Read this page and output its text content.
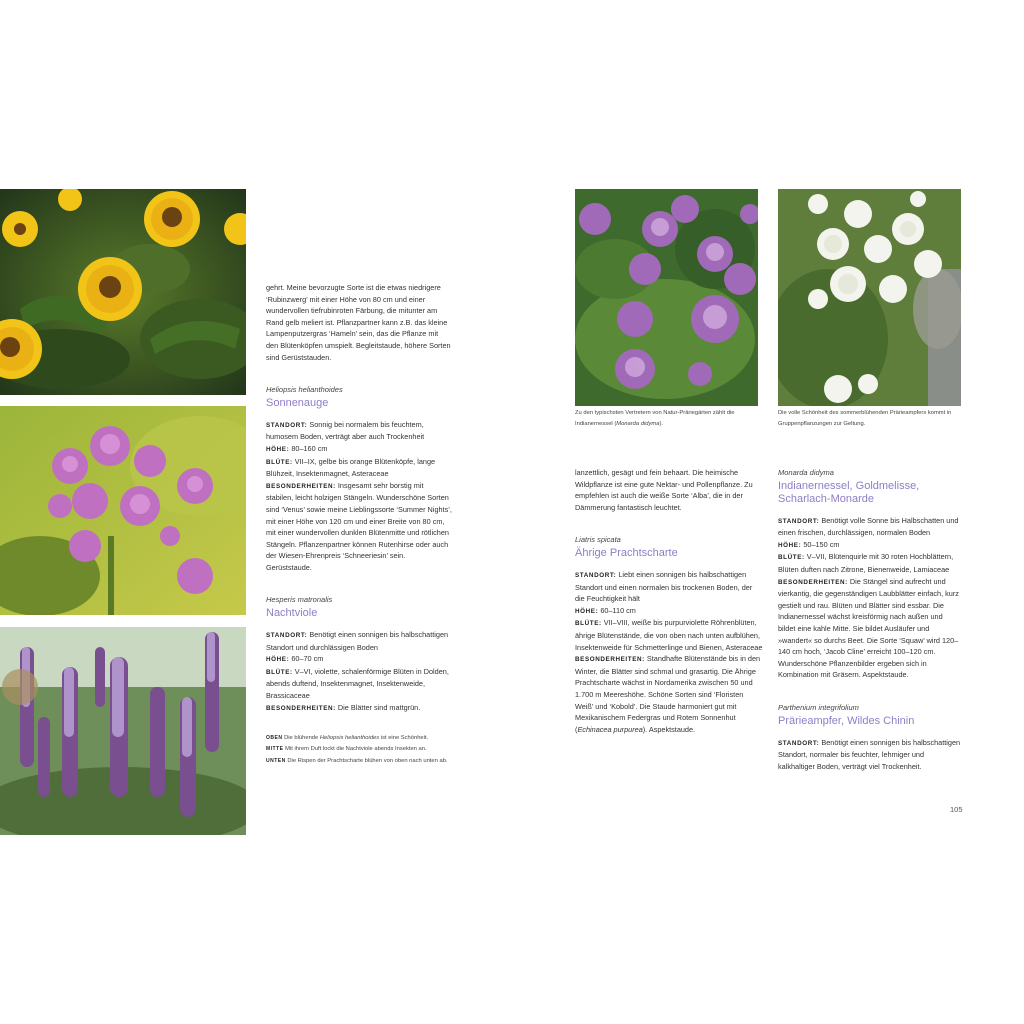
gehrt. Meine bevorzugte Sorte ist die etwas niedrigere ‘Rubinzwerg’ mit einer Höhe von 80 cm und einer wundervollen tiefrubinroten Färbung, die mitunter am Rand gelb meliert ist. Pflanzpartner kann z.B. das kleine Lampenputzergras ‘Hameln’ sein, das die Pflanze mit den Blütenköpfen umspielt. Begleitstaude, höhere Sorten sind Gerüststauden.

Heliopsis helianthoides

Sonnenauge

STANDORT: Sonnig bei normalem bis feuchtem, humosem Boden, verträgt aber auch Trockenheit

HÖHE: 80–160 cm

BLÜTE: VII–IX, gelbe bis orange Blütenköpfe, lange Blühzeit, Insektenmagnet, Asteraceae

BESONDERHEITEN: Insgesamt sehr borstig mit stabilen, leicht holzigen Stängeln. Wunderschöne Sorten sind ‘Venus’ sowie meine Lieblingssorte ‘Summer Nights’, mit einer Höhe von 120 cm und einer Breite von 80 cm, mit einer wundervollen dunklen Blütenmitte und rötlichen Stängeln. Pflanzenpartner können Rutenhirse oder auch der Wiesen-Ehrenpreis ‘Schneeriesin’ sein. Gerüststaude.

Hesperis matronalis

Nachtviole

STANDORT: Benötigt einen sonnigen bis halbschattigen Standort und durchlässigen Boden

HÖHE: 60–70 cm

BLÜTE: V–VI, violette, schalenförmige Blüten in Dolden, abends duftend, Insektenmagnet, Insektenweide, Brassicaceae

BESONDERHEITEN: Die Blätter sind mattgrün.

OBEN Die blühende Heliopsis helianthoides ist eine Schönheit.
MITTE Mit ihrem Duft lockt die Nachtviole abends Insekten an.
UNTEN Die Rispen der Prachtscharte blühen von oben nach unten ab.
Zu den typischsten Vertretern von Natur-Präriegärten zählt die Indianernessel (Monarda didyma).

lanzettlich, gesägt und fein behaart. Die heimische Wildpflanze ist eine gute Nektar- und Pollenpflanze. Zu empfehlen ist auch die weiße Sorte ‘Alba’, die in der Dämmerung fantastisch leuchtet.

Liatris spicata

Ährige Prachtscharte

STANDORT: Liebt einen sonnigen bis halbschattigen Standort und einen normalen bis trockenen Boden, der die Feuchtigkeit hält

HÖHE: 60–110 cm

BLÜTE: VII–VIII, weiße bis purpurviolette Röhrenblüten, ährige Blütenstände, die von oben nach unten aufblühen, Insektenweide für Schmetterlinge und Bienen, Asteraceae

BESONDERHEITEN: Standhafte Blütenstände bis in den Winter, die Blätter sind schmal und grasartig. Die Ährige Prachtscharte wächst in Nordamerika zwischen 50 und 1.700 m Meereshöhe. Schöne Sorten sind ‘Floristen Weiß’ und ‘Kobold’. Die Staude harmoniert gut mit Mexikanischem Federgras und Rotem Sonnenhut (Echinacea purpurea). Aspektstaude.

Die volle Schönheit des sommerblühenden Prärieampfers kommt in Gruppenpflanzungen zur Geltung.

Monarda didyma

Indianernessel, Goldmelisse, Scharlach-Monarde

STANDORT: Benötigt volle Sonne bis Halbschatten und einen frischen, durchlässigen, normalen Boden

HÖHE: 50–150 cm

BLÜTE: V–VII, Blütenquirle mit 30 roten Hochblättern, Blüten duften nach Zitrone, Bienenweide, Lamiaceae

BESONDERHEITEN: Die Stängel sind aufrecht und vierkantig, die gegenständigen Laubblätter einfach, kurz gestielt und rau. Blüten und Blätter sind essbar. Die Indianernessel wächst kreisförmig nach außen und bildet eine kahle Mitte. Sie bildet Ausläufer und »wandert« so durchs Beet. Die Sorte ‘Squaw’ wird 120–140 cm hoch, ‘Jacob Cline’ erreicht 100–120 cm. Wunderschöne Pflanzenbilder ergeben sich in Kombination mit Gräsern. Aspektstaude.

Parthenium integrifolium

Prärieampfer, Wildes Chinin

STANDORT: Benötigt einen sonnigen bis halbschattigen Standort, normaler bis feuchter, lehmiger und kalkhaltiger Boden, verträgt viel Trockenheit.

105
